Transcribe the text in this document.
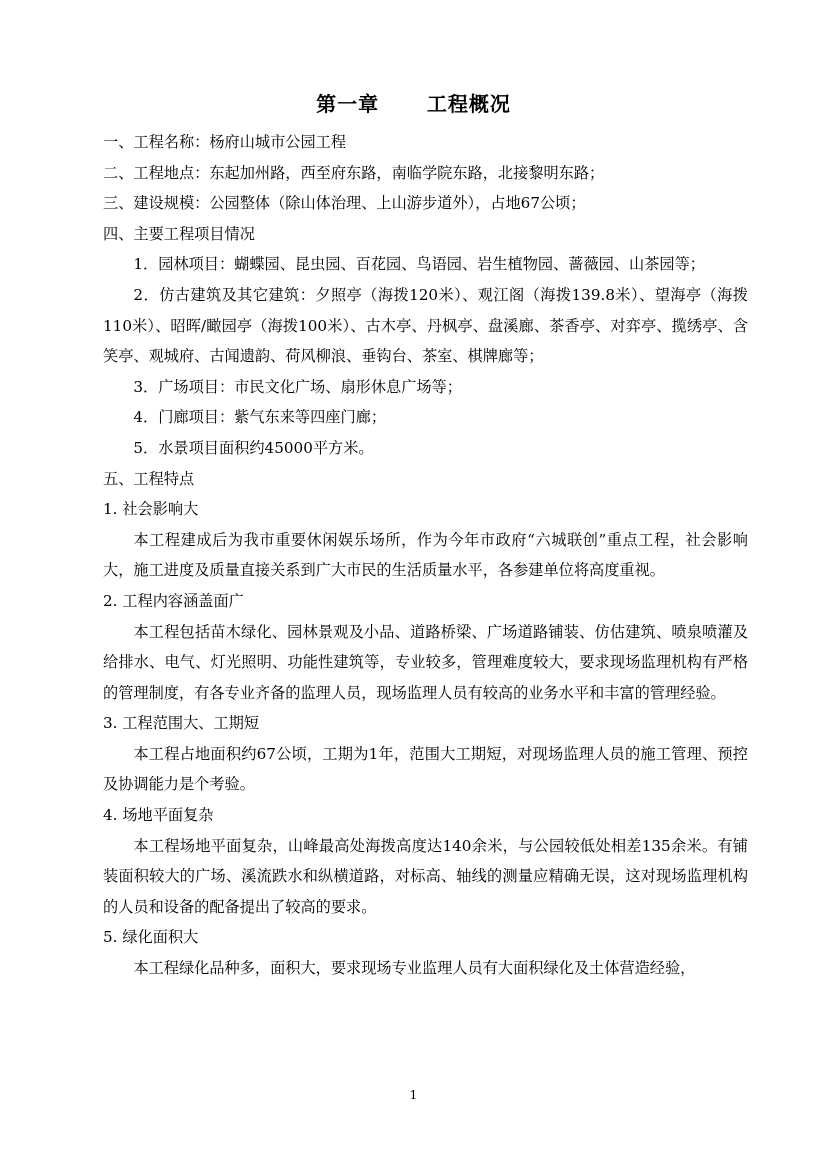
第一章      工程概况

一、工程名称：杨府山城市公园工程

二、工程地点：东起加州路，西至府东路，南临学院东路，北接黎明东路；

三、建设规模：公园整体（除山体治理、上山游步道外），占地67公顷；

四、主要工程项目情况

1．园林项目：蝴蝶园、昆虫园、百花园、鸟语园、岩生植物园、蔷薇园、山茶园等；

2．仿古建筑及其它建筑：夕照亭（海拨120米）、观江阁（海拨139.8米）、望海亭（海拨110米）、昭晖/瞰园亭（海拨100米）、古木亭、丹枫亭、盘溪廊、茶香亭、对弈亭、揽绣亭、含笑亭、观城府、古闻遗韵、荷风柳浪、垂钩台、茶室、棋牌廊等；

3．广场项目：市民文化广场、扇形休息广场等；

4．门廊项目：紫气东来等四座门廊；

5．水景项目面积约45000平方米。

五、工程特点

1. 社会影响大

本工程建成后为我市重要休闲娱乐场所，作为今年市政府“六城联创”重点工程，社会影响大，施工进度及质量直接关系到广大市民的生活质量水平，各参建单位将高度重视。

2. 工程内容涵盖面广

本工程包括苗木绿化、园林景观及小品、道路桥梁、广场道路铺装、仿估建筑、喷泉喷灌及给排水、电气、灯光照明、功能性建筑等，专业较多，管理难度较大，要求现场监理机构有严格的管理制度，有各专业齐备的监理人员，现场监理人员有较高的业务水平和丰富的管理经验。

3. 工程范围大、工期短

本工程占地面积约67公顷，工期为1年，范围大工期短，对现场监理人员的施工管理、预控及协调能力是个考验。

4. 场地平面复杂

本工程场地平面复杂，山峰最高处海拨高度达140余米，与公园较低处相差135余米。有铺装面积较大的广场、溪流跌水和纵横道路，对标高、轴线的测量应精确无误，这对现场监理机构的人员和设备的配备提出了较高的要求。

5. 绿化面积大

本工程绿化品种多，面积大，要求现场专业监理人员有大面积绿化及土体营造经验，

1
